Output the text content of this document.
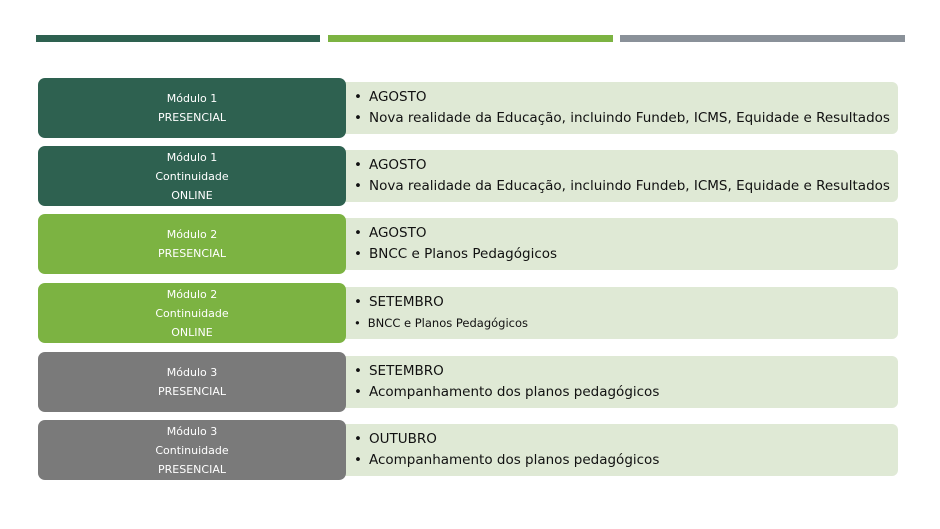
Módulo 1
PRESENCIAL
• AGOSTO
• Nova realidade da Educação, incluindo Fundeb, ICMS, Equidade e Resultados
Módulo 1
Continuidade
ONLINE
• AGOSTO
• Nova realidade da Educação, incluindo Fundeb, ICMS, Equidade e Resultados
Módulo 2
PRESENCIAL
• AGOSTO
• BNCC e Planos Pedagógicos
Módulo 2
Continuidade
ONLINE
• SETEMBRO
• BNCC e Planos Pedagógicos
Módulo 3
PRESENCIAL
• SETEMBRO
• Acompanhamento dos planos pedagógicos
Módulo 3
Continuidade
PRESENCIAL
• OUTUBRO
• Acompanhamento dos planos pedagógicos
